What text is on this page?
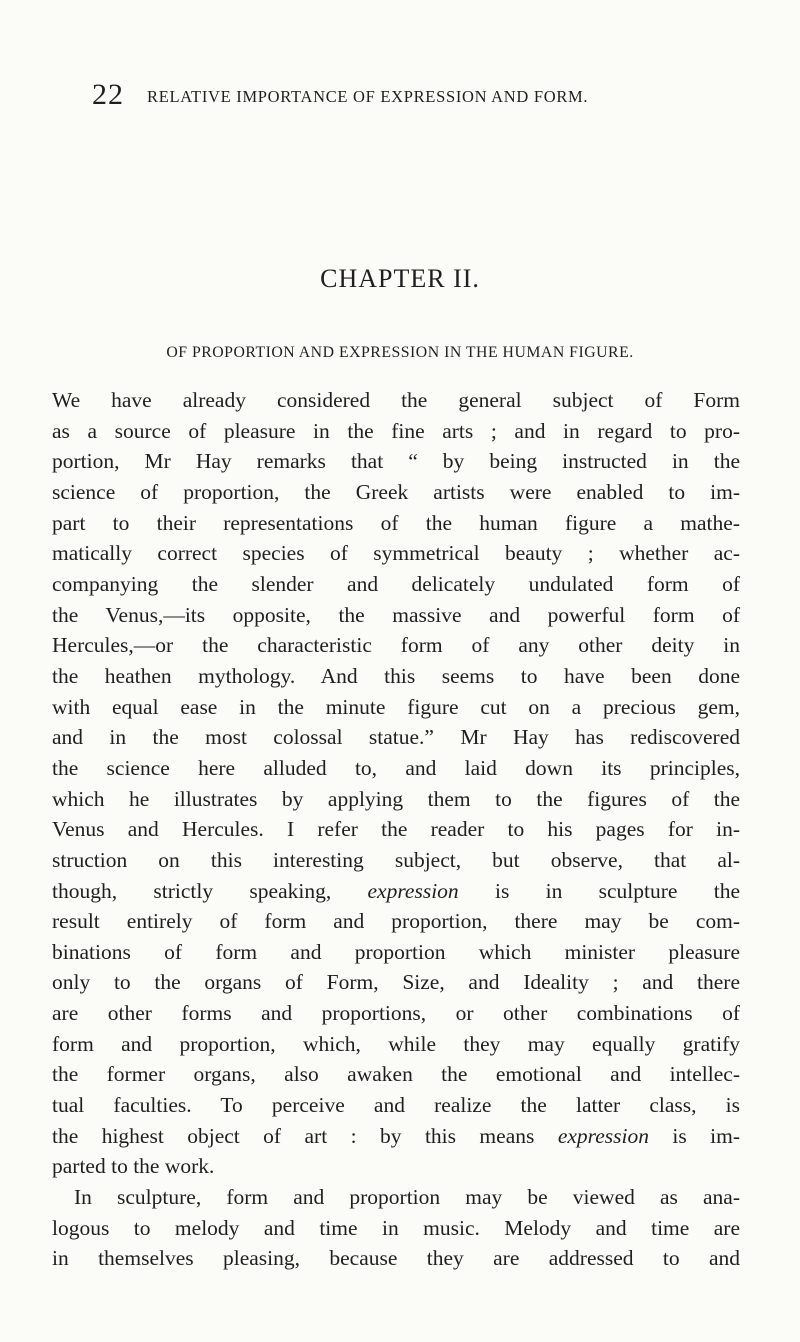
22 RELATIVE IMPORTANCE OF EXPRESSION AND FORM.
CHAPTER II.
OF PROPORTION AND EXPRESSION IN THE HUMAN FIGURE.
We have already considered the general subject of Form
as a source of pleasure in the fine arts ; and in regard to pro-
portion, Mr Hay remarks that “ by being instructed in the
science of proportion, the Greek artists were enabled to im-
part to their representations of the human figure a mathe-
matically correct species of symmetrical beauty ; whether ac-
companying the slender and delicately undulated form of
the Venus,—its opposite, the massive and powerful form of
Hercules,—or the characteristic form of any other deity in
the heathen mythology. And this seems to have been done
with equal ease in the minute figure cut on a precious gem,
and in the most colossal statue.” Mr Hay has rediscovered
the science here alluded to, and laid down its principles,
which he illustrates by applying them to the figures of the
Venus and Hercules. I refer the reader to his pages for in-
struction on this interesting subject, but observe, that al-
though, strictly speaking, expression is in sculpture the
result entirely of form and proportion, there may be com-
binations of form and proportion which minister pleasure
only to the organs of Form, Size, and Ideality ; and there
are other forms and proportions, or other combinations of
form and proportion, which, while they may equally gratify
the former organs, also awaken the emotional and intellec-
tual faculties. To perceive and realize the latter class, is
the highest object of art : by this means expression is im-
parted to the work.
In sculpture, form and proportion may be viewed as ana-
logous to melody and time in music. Melody and time are
in themselves pleasing, because they are addressed to and
